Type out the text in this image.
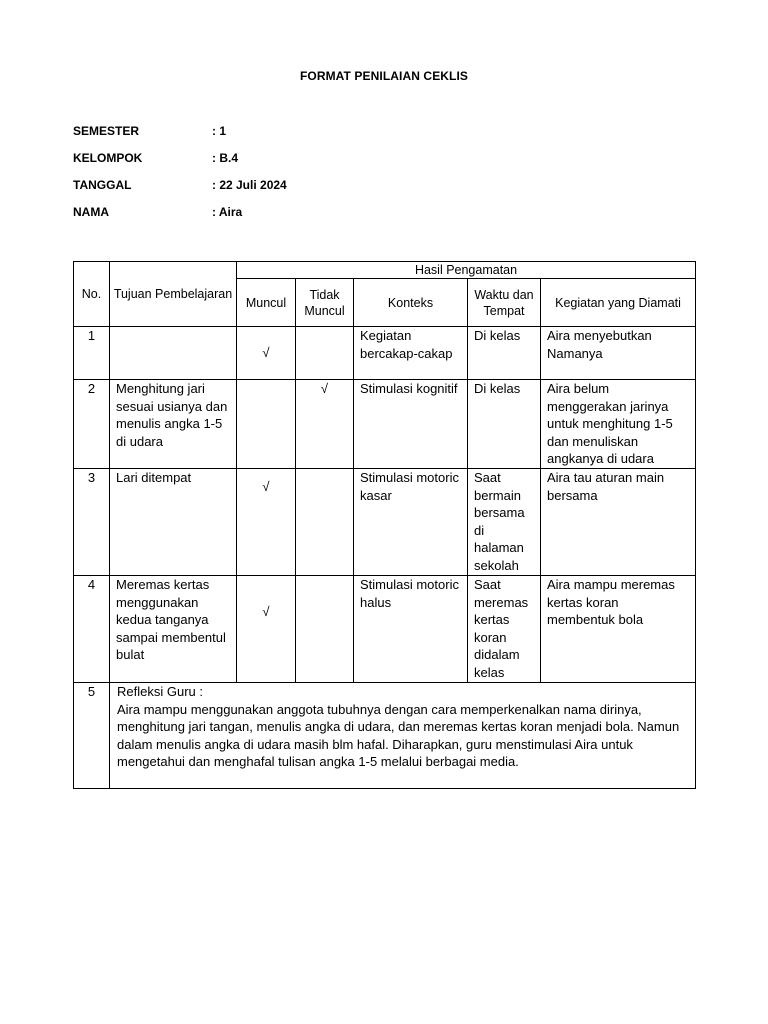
FORMAT PENILAIAN CEKLIS
SEMESTER	: 1
KELOMPOK	: B.4
TANGGAL	: 22 Juli 2024
NAMA	: Aira
No.	Tujuan Pembelajaran	Hasil Pengamatan				
		Muncul	Tidak Muncul	Konteks	Waktu dan Tempat	Kegiatan yang Diamati
1		√		Kegiatan bercakap-cakap	Di kelas	Aira menyebutkan Namanya
2	Menghitung jari sesuai usianya dan menulis angka 1-5 di udara		√	Stimulasi kognitif	Di kelas	Aira belum menggerakan jarinya untuk menghitung 1-5 dan menuliskan angkanya di udara
3	Lari ditempat	√		Stimulasi motoric kasar	Saat bermain bersama di halaman sekolah	Aira tau aturan main bersama
4	Meremas kertas menggunakan kedua tanganya sampai membentul bulat	√		Stimulasi motoric halus	Saat meremas kertas koran didalam kelas	Aira mampu meremas kertas koran membentuk bola
5	Refleksi Guru :
Aira mampu menggunakan anggota tubuhnya dengan cara memperkenalkan nama dirinya, menghitung jari tangan, menulis angka di udara, dan meremas kertas koran menjadi bola. Namun dalam menulis angka di udara masih blm hafal. Diharapkan, guru menstimulasi Aira untuk mengetahui dan menghafal tulisan angka 1-5 melalui berbagai media.					
